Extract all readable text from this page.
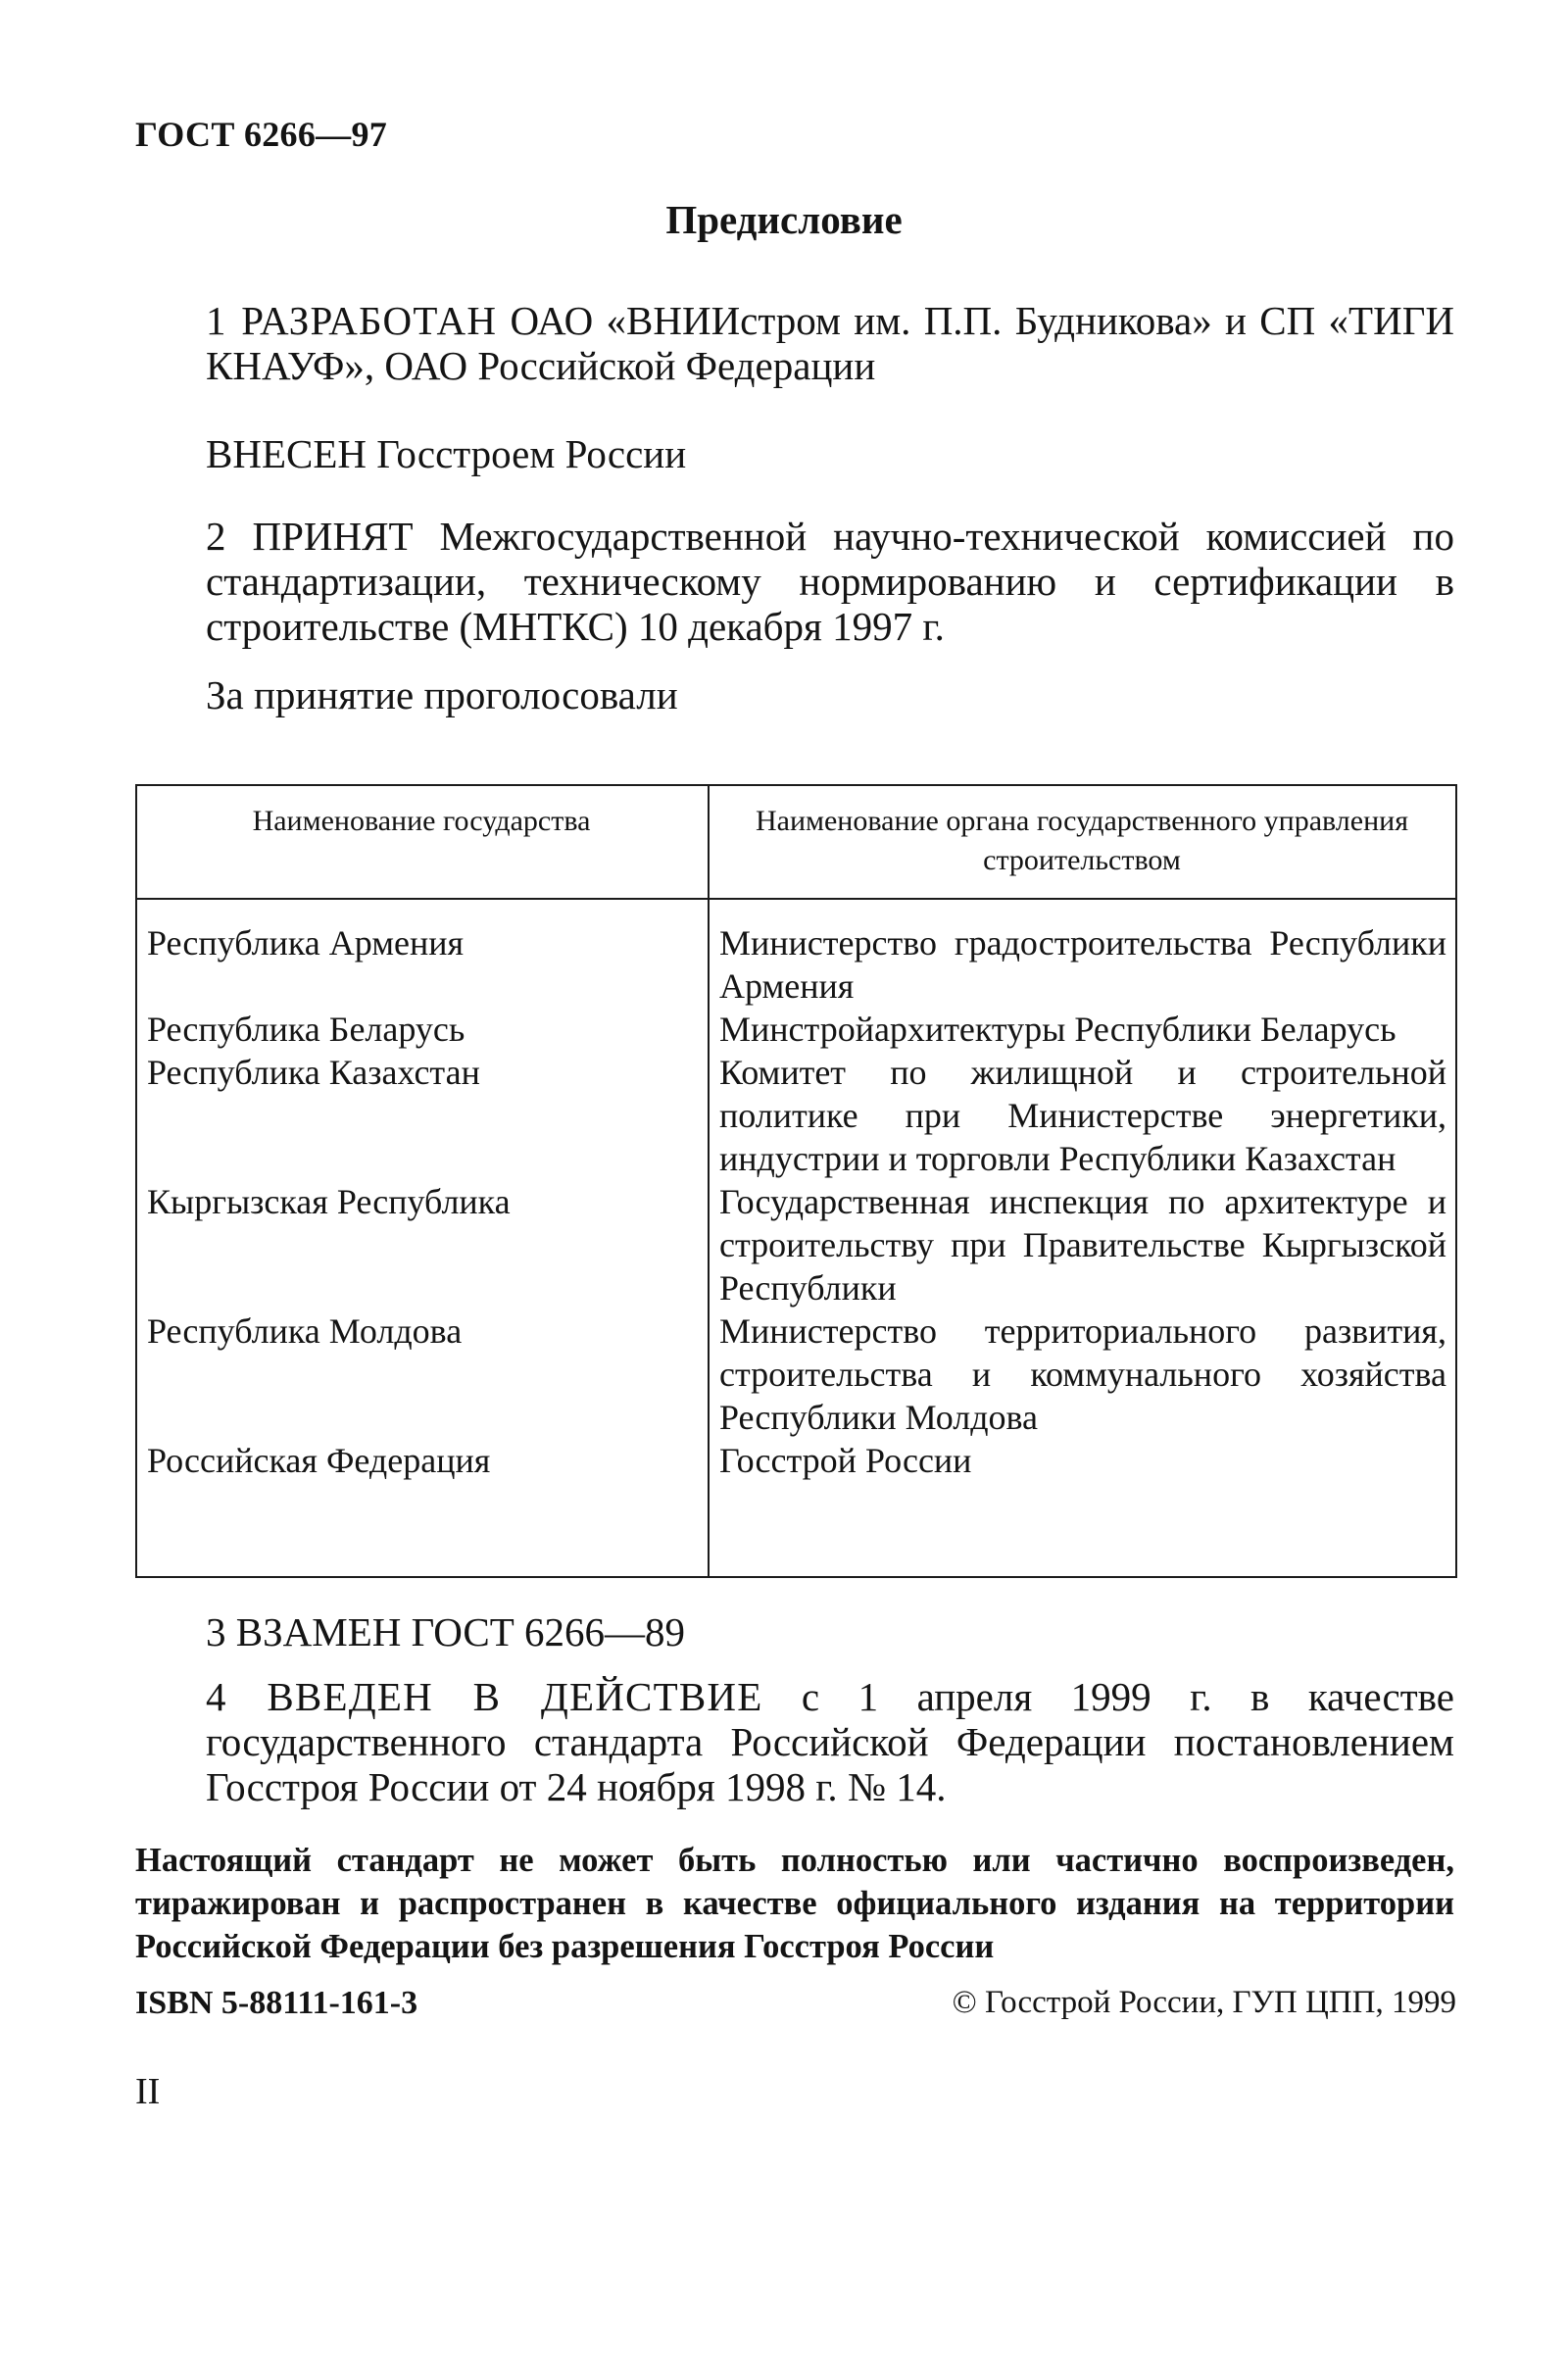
ГОСТ 6266—97
Предисловие
1 РАЗРАБОТАН ОАО «ВНИИстром им. П.П. Будникова» и СП «ТИГИ КНАУФ», ОАО Российской Федерации
ВНЕСЕН Госстроем России
2 ПРИНЯТ Межгосударственной научно-технической комиссией по стандартизации, техническому нормированию и сертификации в строительстве (МНТКС) 10 декабря 1997 г.
За принятие проголосовали
Наименование государства	Наименование органа государственного управления строительством
Республика Армения	Министерство градостроительства Республики Армения
Республика Беларусь	Минстройархитектуры Республики Беларусь
Республика Казахстан	Комитет по жилищной и строительной политике при Министерстве энергетики, индустрии и торговли Республики Казахстан
Кыргызская Республика	Государственная инспекция по архитектуре и строительству при Правительстве Кыргызской Республики
Республика Молдова	Министерство территориального развития, строительства и коммунального хозяйства Республики Молдова
Российская Федерация	Госстрой России
3 ВЗАМЕН ГОСТ 6266—89
4 ВВЕДЕН В ДЕЙСТВИЕ с 1 апреля 1999 г. в качестве государственного стандарта Российской Федерации постановлением Госстроя России от 24 ноября 1998 г. № 14.
Настоящий стандарт не может быть полностью или частично воспроизведен, тиражирован и распространен в качестве официального издания на территории Российской Федерации без разрешения Госстроя России
ISBN 5-88111-161-3	© Госстрой России, ГУП ЦПП, 1999
II
